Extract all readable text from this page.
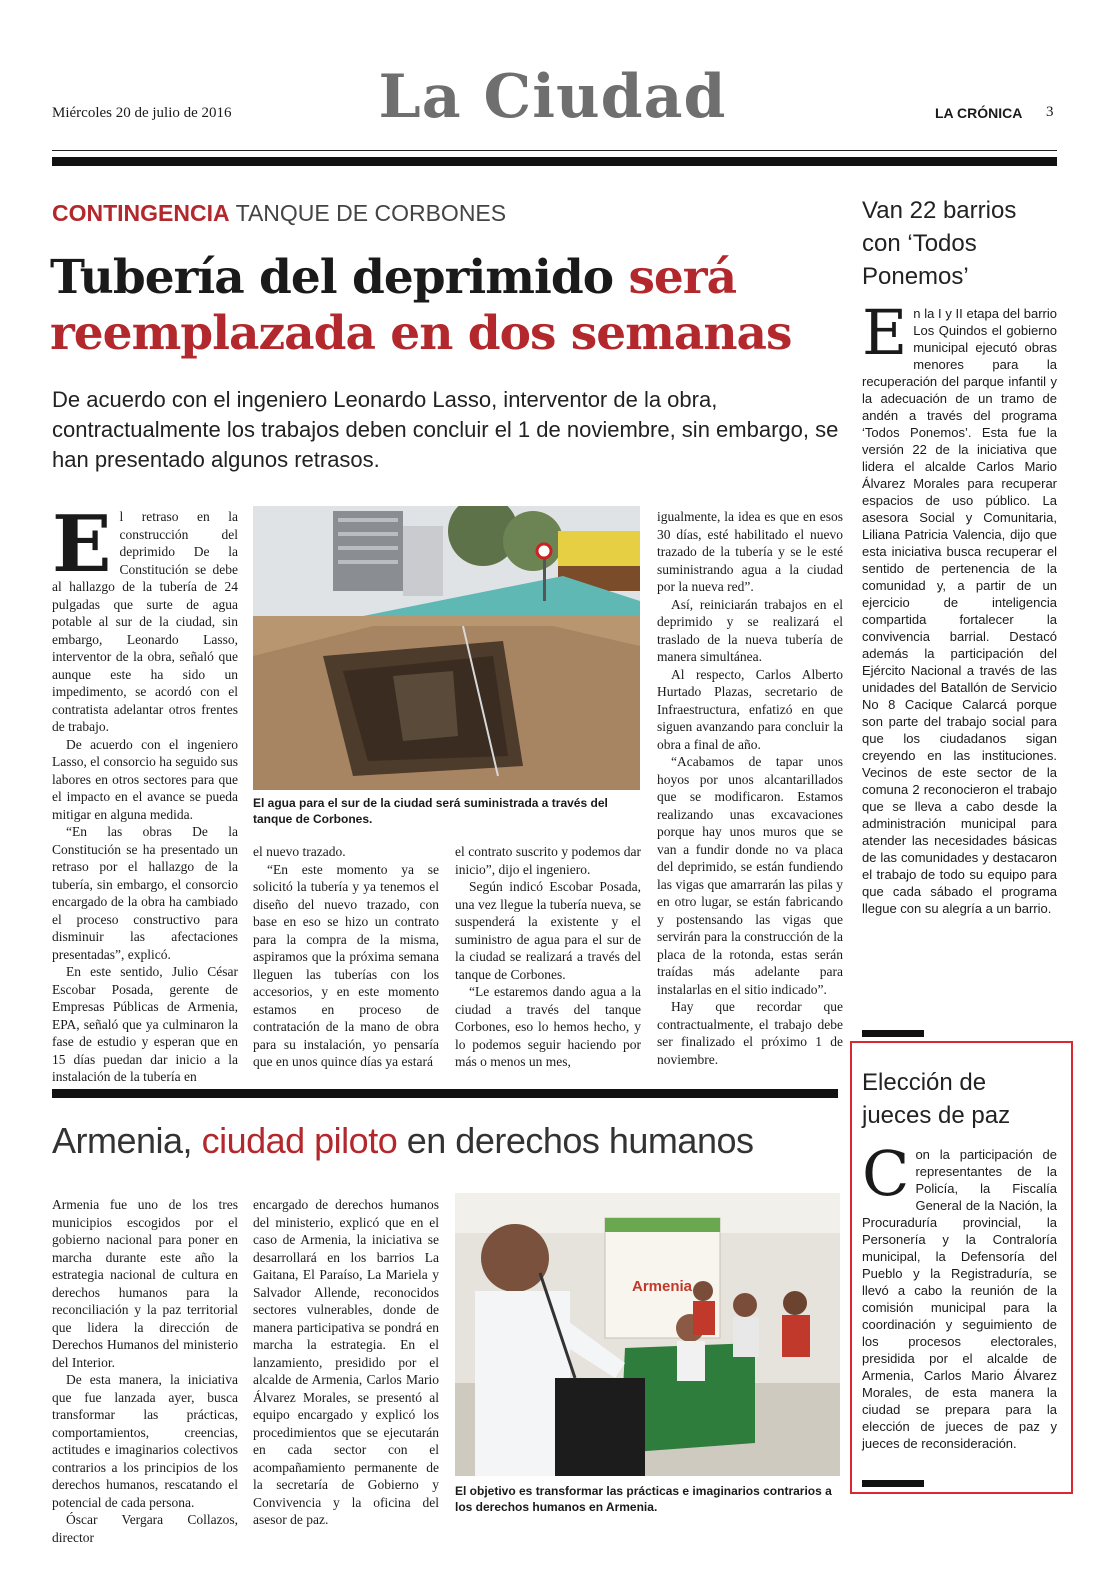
Miércoles 20 de julio de 2016	La Ciudad	LA CRÓNICA 3
CONTINGENCIA TANQUE DE CORBONES
Tubería del deprimido será reemplazada en dos semanas
De acuerdo con el ingeniero Leonardo Lasso, interventor de la obra, contractualmente los trabajos deben concluir el 1 de noviembre, sin embargo, se han presentado algunos retrasos.

El retraso en la construcción del deprimido De la Constitución se debe al hallazgo de la tubería de 24 pulgadas que surte de agua potable al sur de la ciudad, sin embargo, Leonardo Lasso, interventor de la obra, señaló que aunque este ha sido un impedimento, se acordó con el contratista adelantar otros frentes de trabajo.

De acuerdo con el ingeniero Lasso, el consorcio ha seguido sus labores en otros sectores para que el impacto en el avance se pueda mitigar en alguna medida.

“En las obras De la Constitución se ha presentado un retraso por el hallazgo de la tubería, sin embargo, el consorcio encargado de la obra ha cambiado el proceso constructivo para disminuir las afectaciones presentadas”, explicó.

En este sentido, Julio César Escobar Posada, gerente de Empresas Públicas de Armenia, EPA, señaló que ya culminaron la fase de estudio y esperan que en 15 días puedan dar inicio a la instalación de la tubería en

El agua para el sur de la ciudad será suministrada a través del tanque de Corbones.

el nuevo trazado.

“En este momento ya se solicitó la tubería y ya tenemos el diseño del nuevo trazado, con base en eso se hizo un contrato para la compra de la misma, aspiramos que la próxima semana lleguen las tuberías con los accesorios, y en este momento estamos en proceso de contratación de la mano de obra para su instalación, yo pensaría que en unos quince días ya estará

el contrato suscrito y podemos dar inicio”, dijo el ingeniero.

Según indicó Escobar Posada, una vez llegue la tubería nueva, se suspenderá la existente y el suministro de agua para el sur de la ciudad se realizará a través del tanque de Corbones.

“Le estaremos dando agua a la ciudad a través del tanque Corbones, eso lo hemos hecho, y lo podemos seguir haciendo por más o menos un mes,

igualmente, la idea es que en esos 30 días, esté habilitado el nuevo trazado de la tubería y se le esté suministrando agua a la ciudad por la nueva red”.

Así, reiniciarán trabajos en el deprimido y se realizará el traslado de la nueva tubería de manera simultánea.

Al respecto, Carlos Alberto Hurtado Plazas, secretario de Infraestructura, enfatizó en que siguen avanzando para concluir la obra a final de año.

“Acabamos de tapar unos hoyos por unos alcantarillados que se modificaron. Estamos realizando unas excavaciones porque hay unos muros que se van a fundir donde no va placa del deprimido, se están fundiendo las vigas que amarrarán las pilas y en otro lugar, se están fabricando y postensando las vigas que servirán para la construcción de la placa de la rotonda, estas serán traídas más adelante para instalarlas en el sitio indicado”.

Hay que recordar que contractualmente, el trabajo debe ser finalizado el próximo 1 de noviembre.

Van 22 barrios con ‘Todos Ponemos’
En la I y II etapa del barrio Los Quindos el gobierno municipal ejecutó obras menores para la recuperación del parque infantil y la adecuación de un tramo de andén a través del programa ‘Todos Ponemos’. Esta fue la versión 22 de la iniciativa que lidera el alcalde Carlos Mario Álvarez Morales para recuperar espacios de uso público. La asesora Social y Comunitaria, Liliana Patricia Valencia, dijo que esta iniciativa busca recuperar el sentido de pertenencia de la comunidad y, a partir de un ejercicio de inteligencia compartida fortalecer la convivencia barrial. Destacó además la participación del Ejército Nacional a través de las unidades del Batallón de Servicio No 8 Cacique Calarcá porque son parte del trabajo social para que los ciudadanos sigan creyendo en las instituciones. Vecinos de este sector de la comuna 2 reconocieron el trabajo que se lleva a cabo desde la administración municipal para atender las necesidades básicas de las comunidades y destacaron el trabajo de todo su equipo para que cada sábado el programa llegue con su alegría a un barrio.
Elección de jueces de paz
Con la participación de representantes de la Policía, la Fiscalía General de la Nación, la Procuraduría provincial, la Personería y la Contraloría municipal, la Defensoría del Pueblo y la Registraduría, se llevó a cabo la reunión de la comisión municipal para la coordinación y seguimiento de los procesos electorales, presidida por el alcalde de Armenia, Carlos Mario Álvarez Morales, de esta manera la ciudad se prepara para la elección de jueces de paz y jueces de reconsideración.
Armenia, ciudad piloto en derechos humanos

Armenia fue uno de los tres municipios escogidos por el gobierno nacional para poner en marcha durante este año la estrategia nacional de cultura en derechos humanos para la reconciliación y la paz territorial que lidera la dirección de Derechos Humanos del ministerio del Interior.

De esta manera, la iniciativa que fue lanzada ayer, busca transformar las prácticas, comportamientos, creencias, actitudes e imaginarios colectivos contrarios a los principios de los derechos humanos, rescatando el potencial de cada persona.

Óscar Vergara Collazos, director

encargado de derechos humanos del ministerio, explicó que en el caso de Armenia, la iniciativa se desarrollará en los barrios La Gaitana, El Paraíso, La Mariela y Salvador Allende, reconocidos sectores vulnerables, donde de manera participativa se pondrá en marcha la estrategia. En el lanzamiento, presidido por el alcalde de Armenia, Carlos Mario Álvarez Morales, se presentó al equipo encargado y explicó los procedimientos que se ejecutarán en cada sector con el acompañamiento permanente de la secretaría de Gobierno y Convivencia y la oficina del asesor de paz.

Armenia
El objetivo es transformar las prácticas e imaginarios contrarios a los derechos humanos en Armenia.
